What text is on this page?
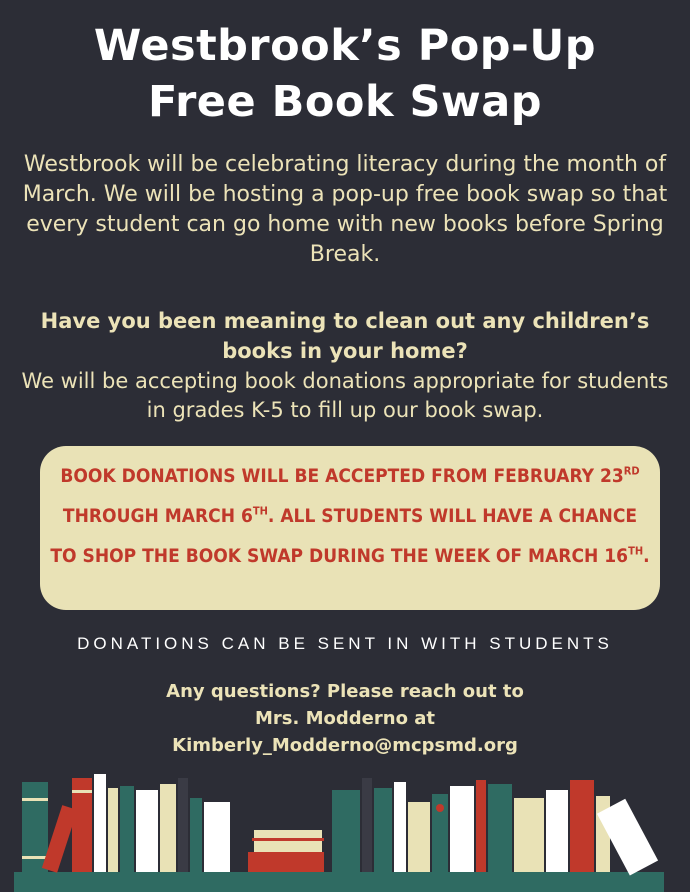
Westbrook’s Pop-Up
Free Book Swap
Westbrook will be celebrating literacy during the month of March. We will be hosting a pop-up free book swap so that every student can go home with new books before Spring Break.
Have you been meaning to clean out any children’s books in your home?
We will be accepting book donations appropriate for students in grades K-5 to fill up our book swap.
BOOK DONATIONS WILL BE ACCEPTED FROM FEBRUARY 23RD THROUGH MARCH 6TH. ALL STUDENTS WILL HAVE A CHANCE TO SHOP THE BOOK SWAP DURING THE WEEK OF MARCH 16TH.
DONATIONS CAN BE SENT IN WITH STUDENTS
Any questions? Please reach out to
Mrs. Modderno at
Kimberly_Modderno@mcpsmd.org
